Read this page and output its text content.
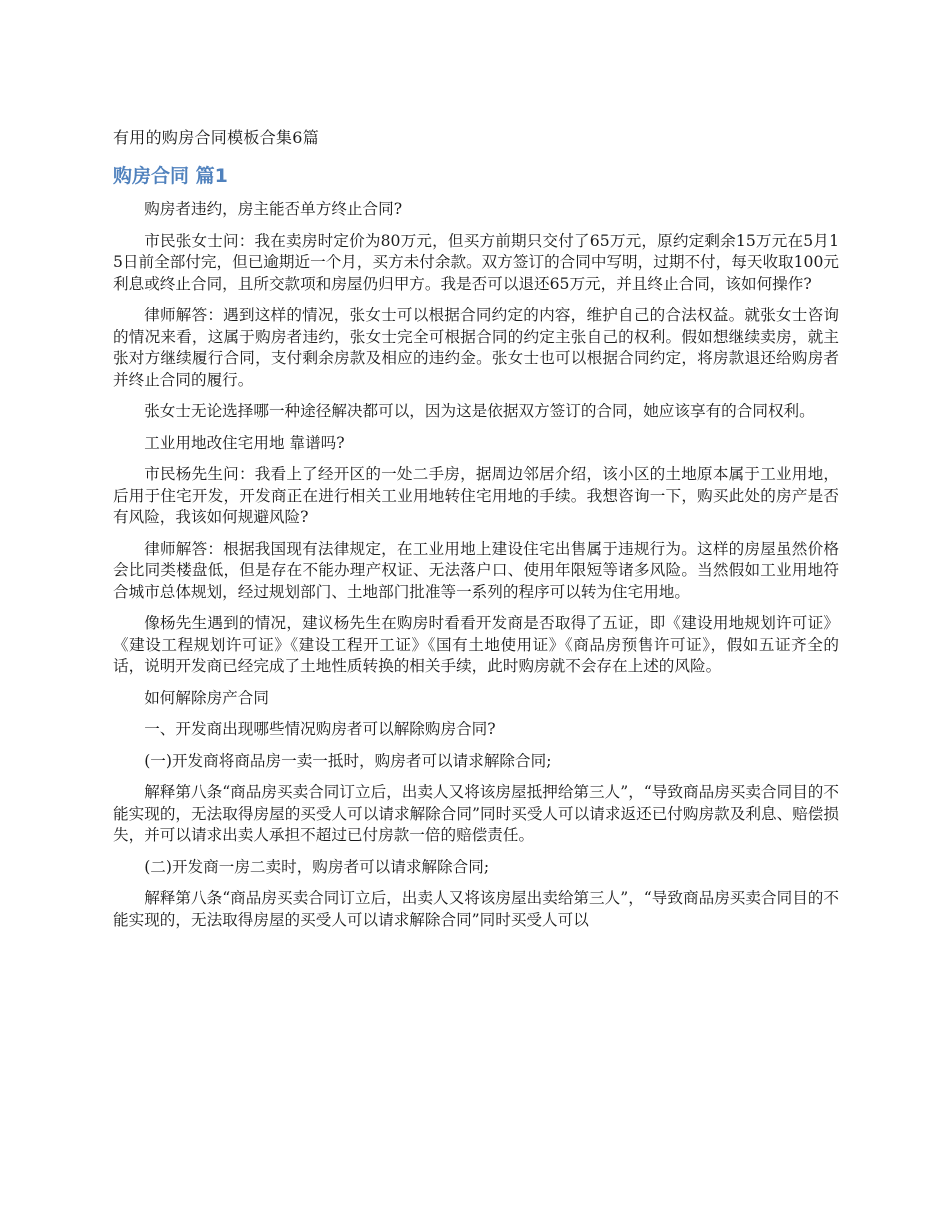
有用的购房合同模板合集6篇
购房合同 篇1

购房者违约，房主能否单方终止合同?

市民张女士问：我在卖房时定价为80万元，但买方前期只交付了65万元，原约定剩余15万元在5月15日前全部付完，但已逾期近一个月，买方未付余款。双方签订的合同中写明，过期不付，每天收取100元利息或终止合同，且所交款项和房屋仍归甲方。我是否可以退还65万元，并且终止合同，该如何操作?

律师解答：遇到这样的情况，张女士可以根据合同约定的内容，维护自己的合法权益。就张女士咨询的情况来看，这属于购房者违约，张女士完全可根据合同的约定主张自己的权利。假如想继续卖房，就主张对方继续履行合同，支付剩余房款及相应的违约金。张女士也可以根据合同约定，将房款退还给购房者并终止合同的履行。

张女士无论选择哪一种途径解决都可以，因为这是依据双方签订的合同，她应该享有的合同权利。

工业用地改住宅用地 靠谱吗?

市民杨先生问：我看上了经开区的一处二手房，据周边邻居介绍，该小区的土地原本属于工业用地，后用于住宅开发，开发商正在进行相关工业用地转住宅用地的手续。我想咨询一下，购买此处的房产是否有风险，我该如何规避风险?

律师解答：根据我国现有法律规定，在工业用地上建设住宅出售属于违规行为。这样的房屋虽然价格会比同类楼盘低，但是存在不能办理产权证、无法落户口、使用年限短等诸多风险。当然假如工业用地符合城市总体规划，经过规划部门、土地部门批准等一系列的程序可以转为住宅用地。

像杨先生遇到的情况，建议杨先生在购房时看看开发商是否取得了五证，即《建设用地规划许可证》《建设工程规划许可证》《建设工程开工证》《国有土地使用证》《商品房预售许可证》，假如五证齐全的话，说明开发商已经完成了土地性质转换的相关手续，此时购房就不会存在上述的风险。

如何解除房产合同

一、开发商出现哪些情况购房者可以解除购房合同?

(一)开发商将商品房一卖一抵时，购房者可以请求解除合同;

解释第八条“商品房买卖合同订立后，出卖人又将该房屋抵押给第三人”，“导致商品房买卖合同目的不能实现的，无法取得房屋的买受人可以请求解除合同”同时买受人可以请求返还已付购房款及利息、赔偿损失，并可以请求出卖人承担不超过已付房款一倍的赔偿责任。

(二)开发商一房二卖时，购房者可以请求解除合同;

解释第八条“商品房买卖合同订立后，出卖人又将该房屋出卖给第三人”，“导致商品房买卖合同目的不能实现的，无法取得房屋的买受人可以请求解除合同”同时买受人可以
